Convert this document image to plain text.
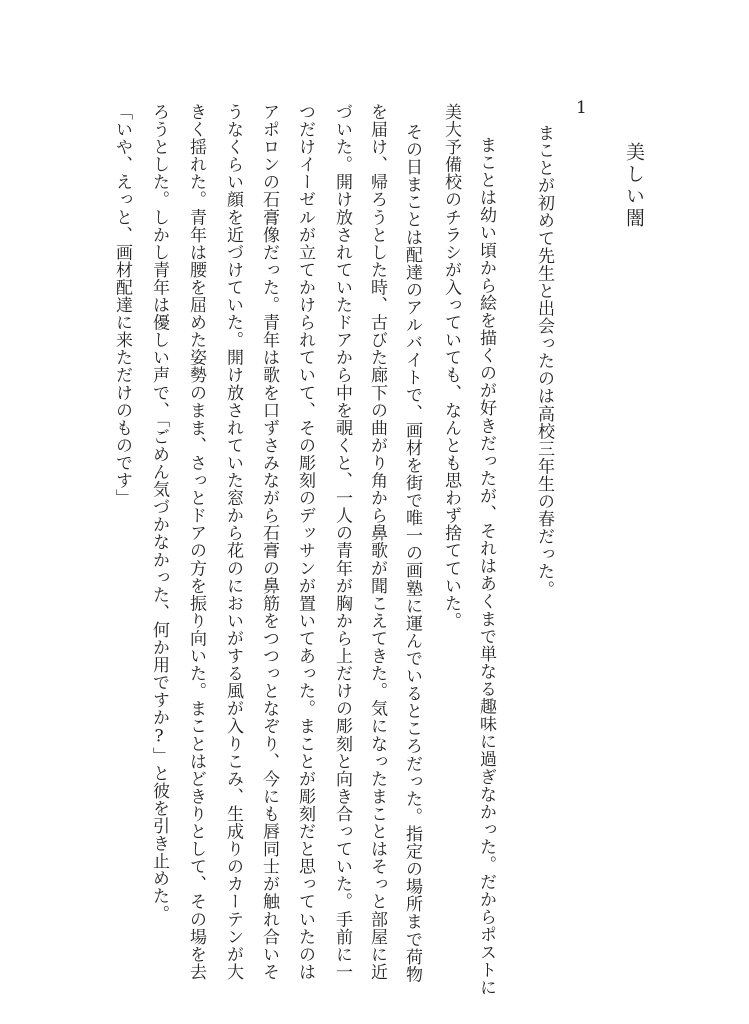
美しい闇
1
まことが初めて先生と出会ったのは高校三年生の春だった。
まことは幼い頃から絵を描くのが好きだったが、それはあくまで単なる趣味に過ぎなかった。だからポストに
美大予備校のチラシが入っていても、なんとも思わず捨てていた。
その日まことは配達のアルバイトで、画材を街で唯一の画塾に運んでいるところだった。指定の場所まで荷物
を届け、帰ろうとした時、古びた廊下の曲がり角から鼻歌が聞こえてきた。気になったまことはそっと部屋に近
づいた。開け放されていたドアから中を覗くと、一人の青年が胸から上だけの彫刻と向き合っていた。手前に一
つだけイーゼルが立てかけられていて、その彫刻のデッサンが置いてあった。まことが彫刻だと思っていたのは
アポロンの石膏像だった。青年は歌を口ずさみながら石膏の鼻筋をつつっとなぞり、今にも唇同士が触れ合いそ
うなくらい顔を近づけていた。開け放されていた窓から花のにおいがする風が入りこみ、生成りのカーテンが大
きく揺れた。青年は腰を屈めた姿勢のまま、さっとドアの方を振り向いた。まことはどきりとして、その場を去
ろうとした。しかし青年は優しい声で、「ごめん気づかなかった、何か用ですか?」と彼を引き止めた。
「いや、えっと、画材配達に来ただけのものです」
